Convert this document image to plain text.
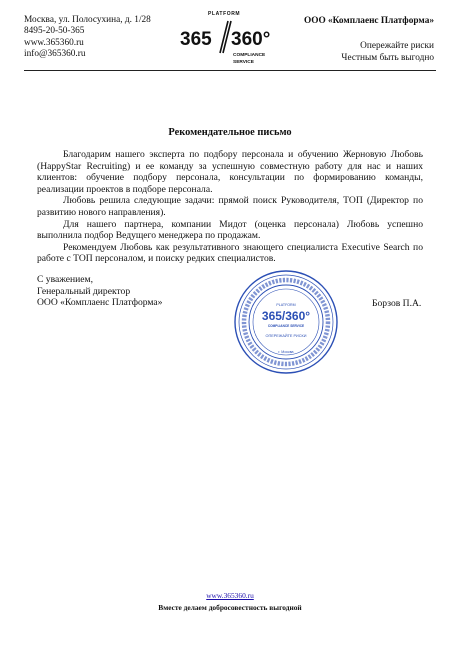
Москва, ул. Полосухина, д. 1/28
8495-20-50-365
www.365360.ru
info@365360.ru
PLATFORM
365 360°
COMPLIANCE
SERVICE
ООО «Комплаенс Платформа»
Опережайте риски
Честным быть выгодно
Рекомендательное письмо

Благодарим нашего эксперта по подбору персонала и обучению Жерновую Любовь (HappyStar Recruiting) и ее команду за успешную совместную работу для нас и наших клиентов: обучение подбору персонала, консультации по формированию команды, реализации проектов в подборе персонала.

Любовь решила следующие задачи: прямой поиск Руководителя, ТОП (Директор по развитию нового направления).

Для нашего партнера, компании Мидот (оценка персонала) Любовь успешно выполнила подбор Ведущего менеджера по продажам.

Рекомендуем Любовь как результативного знающего специалиста Executive Search по работе с ТОП персоналом, и поиску редких специалистов.

С уважением,
Генеральный директор
ООО «Комплаенс Платформа»	PLATFORM
365/360°
COMPLIANCE SERVICE
ОПЕРЕЖАЙТЕ РИСКИ
г. Москва
Борзов П.А.
www.365360.ru
Вместе делаем добросовестность выгодной
